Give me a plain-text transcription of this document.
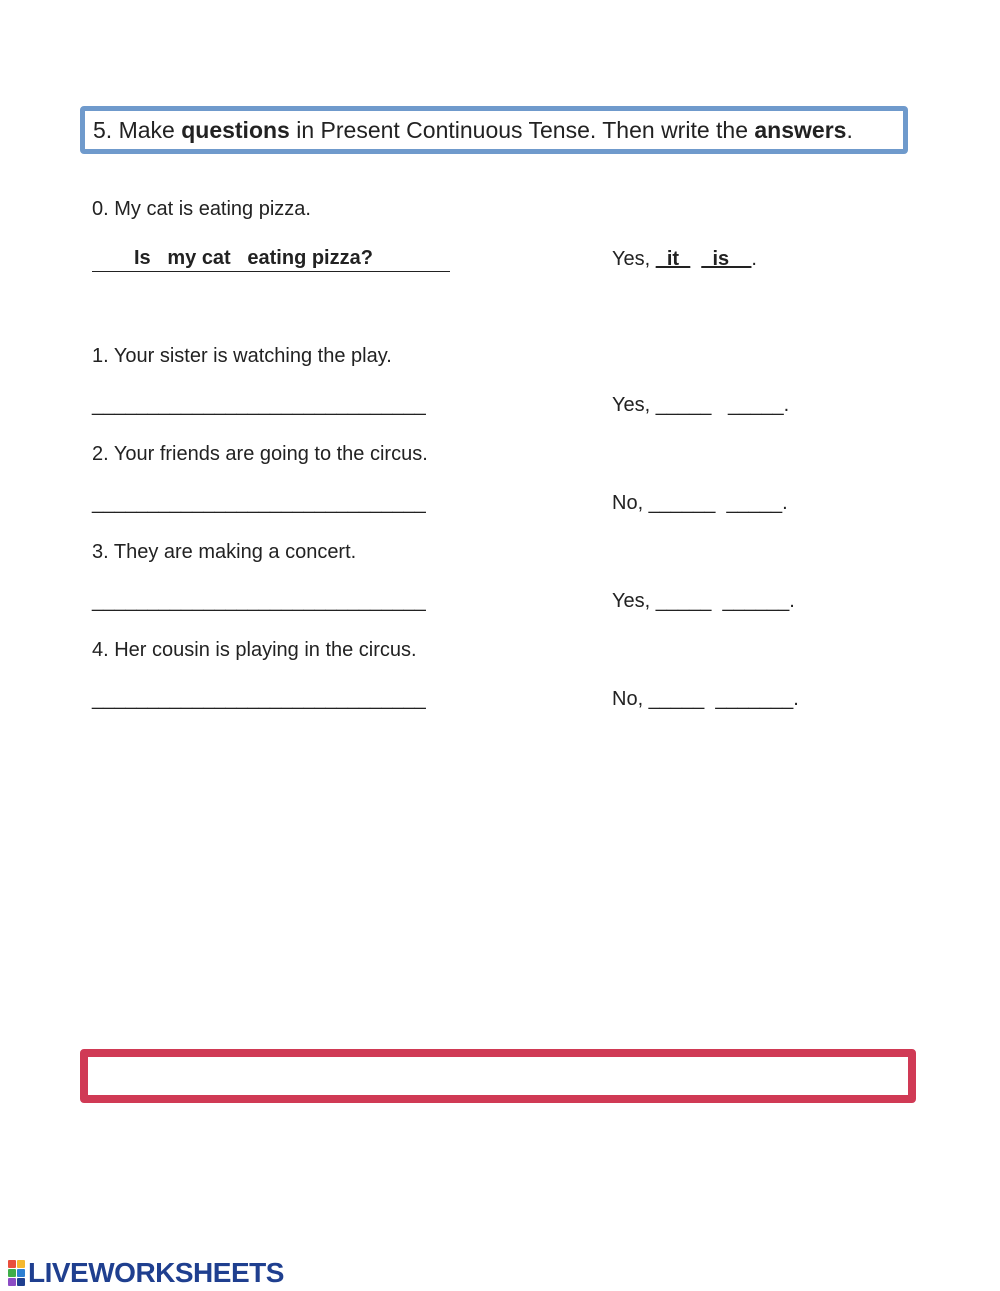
5. Make questions in Present Continuous Tense. Then write the answers .
0. My cat is eating pizza.

Is   my cat   eating pizza?	Yes, _it_ _is__.
1. Your sister is watching the play.
______________________________	Yes, _____   _____.
2. Your friends are going to the circus.
______________________________	No, ______  _____.
3. They are making a concert.
______________________________	Yes, _____  ______.
4. Her cousin is playing in the circus.
______________________________	No, _____  _______.
LIVEWORKSHEETS
